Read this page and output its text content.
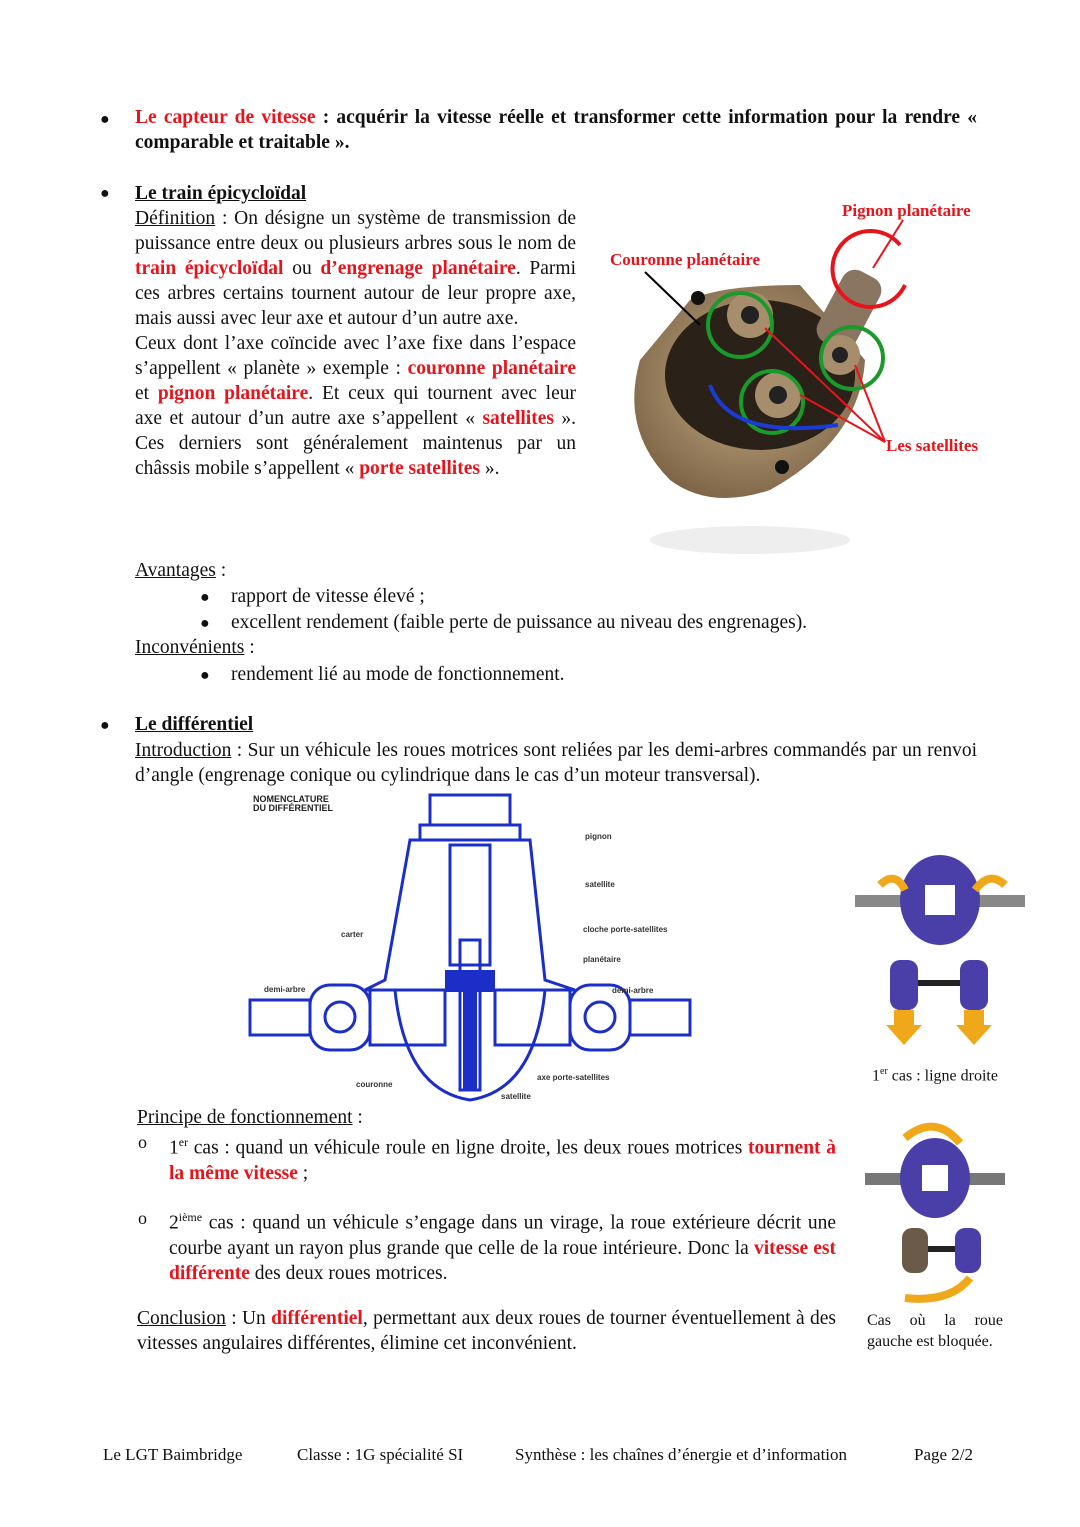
● Le capteur de vitesse : acquérir la vitesse réelle et transformer cette information pour la rendre « comparable et traitable ».
● Le train épicycloïdal
Définition : On désigne un système de transmission de puissance entre deux ou plusieurs arbres sous le nom de train épicycloïdal ou d’engrenage planétaire. Parmi ces arbres certains tournent autour de leur propre axe, mais aussi avec leur axe et autour d’un autre axe.
Ceux dont l’axe coïncide avec l’axe fixe dans l’espace s’appellent « planète » exemple : couronne planétaire et pignon planétaire. Et ceux qui tournent avec leur axe et autour d’un autre axe s’appellent « satellites ». Ces derniers sont généralement maintenus par un châssis mobile s’appellent « porte satellites ».
Pignon planétaire
Couronne planétaire
Les satellites
Avantages :
● rapport de vitesse élevé ;
● excellent rendement (faible perte de puissance au niveau des engrenages).
Inconvénients :
● rendement lié au mode de fonctionnement.
● Le différentiel
Introduction : Sur un véhicule les roues motrices sont reliées par les demi-arbres commandés par un renvoi d’angle (engrenage conique ou cylindrique dans le cas d’un moteur transversal).
NOMENCLATURE
DU DIFFÉRENTIEL
pignon
satellite
cloche porte-satellites
planétaire
carter
demi-arbre	demi-arbre
couronne
axe porte-satellites
satellite
1er cas : ligne droite
Cas où la roue gauche est bloquée.
Principe de fonctionnement :
o 1er cas : quand un véhicule roule en ligne droite, les deux roues motrices tournent à la même vitesse ;
o 2ième cas : quand un véhicule s’engage dans un virage, la roue extérieure décrit une courbe ayant un rayon plus grande que celle de la roue intérieure. Donc la vitesse est différente des deux roues motrices.
Conclusion : Un différentiel, permettant aux deux roues de tourner éventuellement à des vitesses angulaires différentes, élimine cet inconvénient.
Le LGT Baimbridge	Classe : 1G spécialité SI	Synthèse : les chaînes d’énergie et d’information	Page 2/2
